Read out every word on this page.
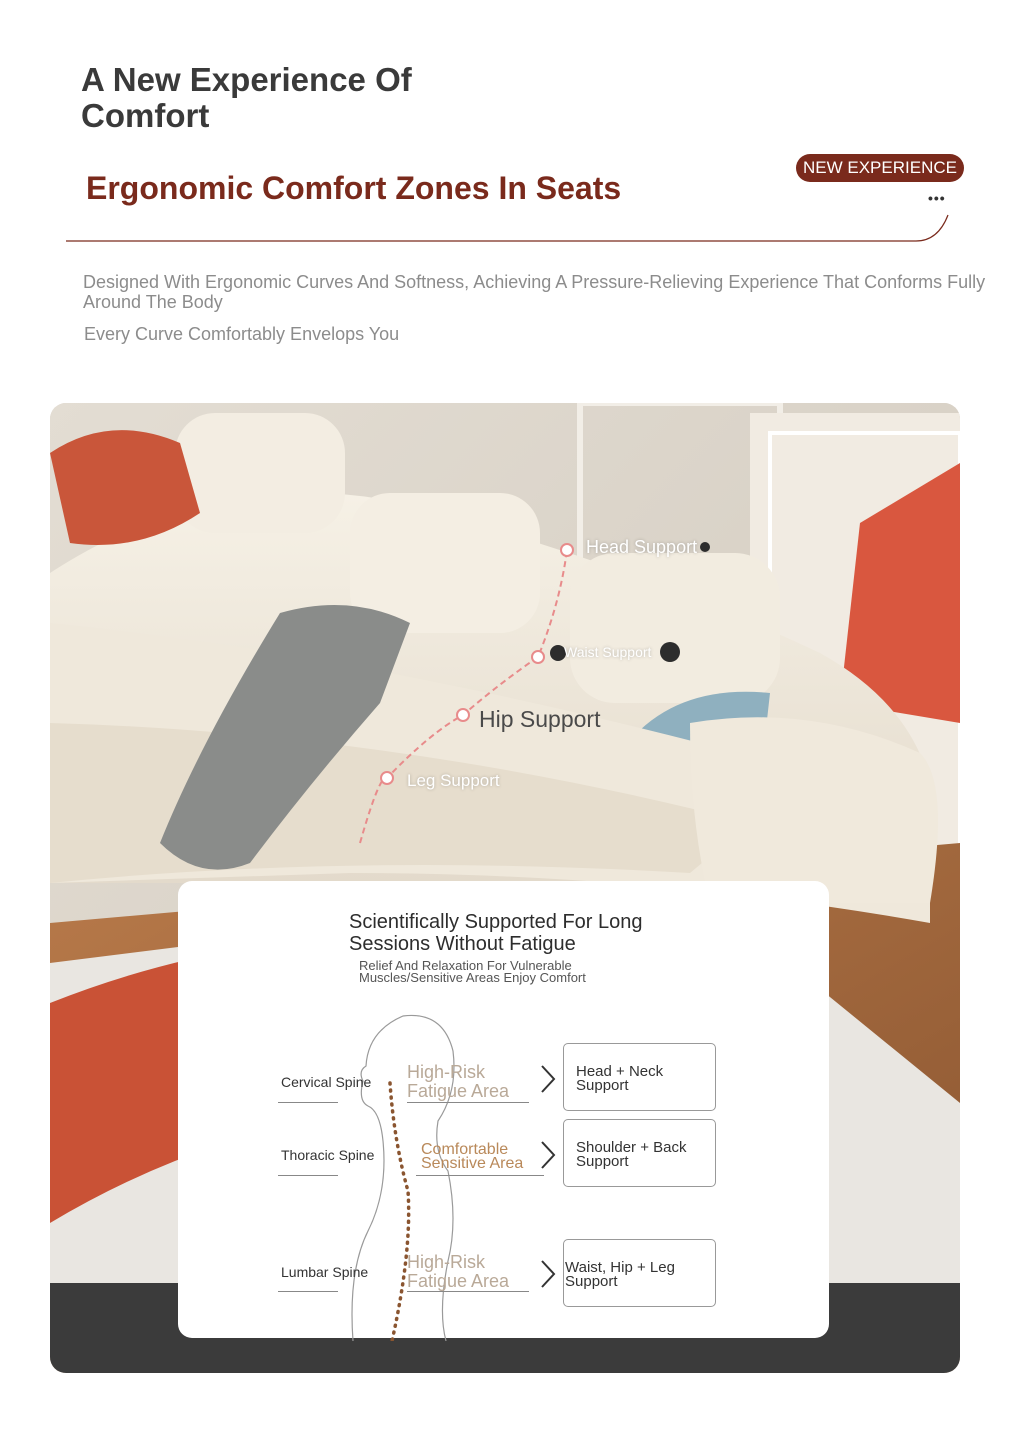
A New Experience Of
Comfort
Ergonomic Comfort Zones In Seats
NEW EXPERIENCE
•••
Designed With Ergonomic Curves And Softness, Achieving A Pressure-Relieving Experience That Conforms Fully Around The Body
Every Curve Comfortably Envelops You
Head Support
Waist Support
Hip Support
Leg Support
Scientifically Supported For Long Sessions Without Fatigue
Relief And Relaxation For Vulnerable Muscles/Sensitive Areas Enjoy Comfort
Cervical Spine High-Risk Fatigue Area
Head + Neck Support
Thoracic Spine	Comfortable Sensitive Area
Shoulder + Back Support
Lumbar Spine High-Risk Fatigue Area
Waist, Hip + Leg Support
